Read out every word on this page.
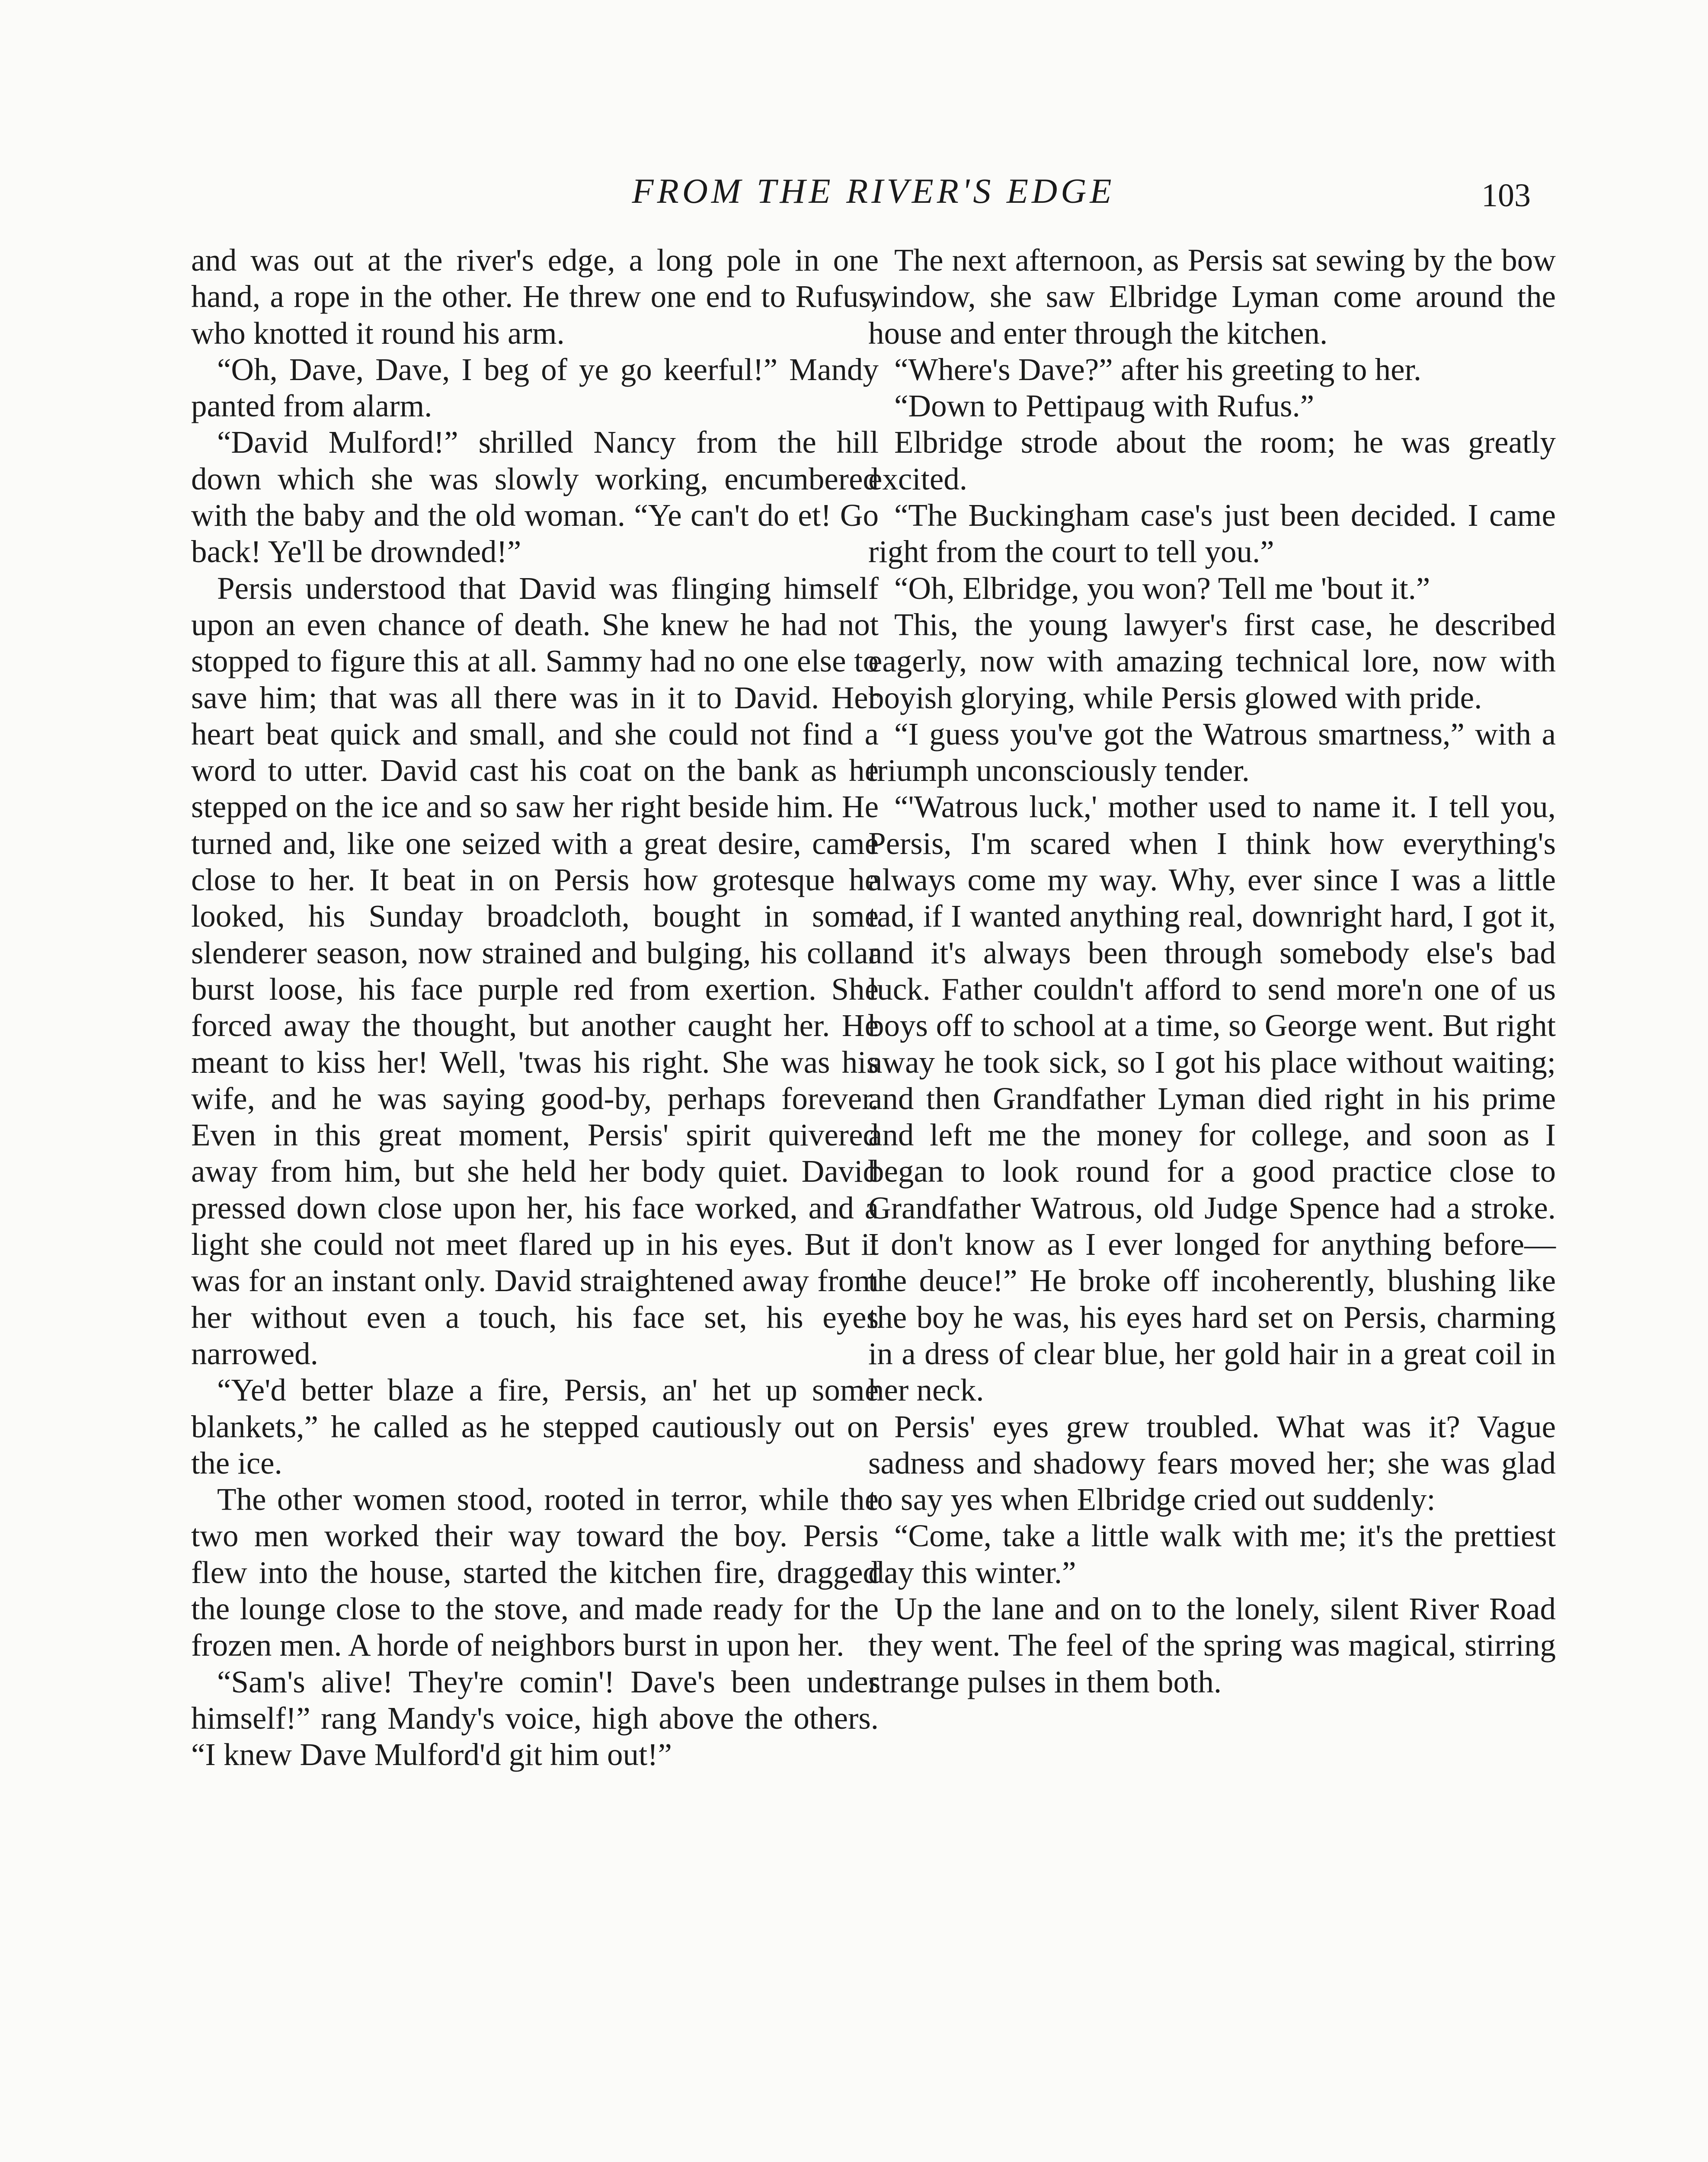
FROM THE RIVER'S EDGE	103

and was out at the river's edge, a long pole in one hand, a rope in the other. He threw one end to Rufus, who knotted it round his arm.

“Oh, Dave, Dave, I beg of ye go keerful!” Mandy panted from alarm.

“David Mulford!” shrilled Nancy from the hill down which she was slowly working, encumbered with the baby and the old woman. “Ye can't do et! Go back! Ye'll be drownded!”

Persis understood that David was flinging himself upon an even chance of death. She knew he had not stopped to figure this at all. Sammy had no one else to save him; that was all there was in it to David. Her heart beat quick and small, and she could not find a word to utter. David cast his coat on the bank as he stepped on the ice and so saw her right beside him. He turned and, like one seized with a great desire, came close to her. It beat in on Persis how grotesque he looked, his Sunday broadcloth, bought in some slenderer season, now strained and bulging, his collar burst loose, his face purple red from exertion. She forced away the thought, but another caught her. He meant to kiss her! Well, 'twas his right. She was his wife, and he was saying good-by, perhaps forever. Even in this great moment, Persis' spirit quivered away from him, but she held her body quiet. David pressed down close upon her, his face worked, and a light she could not meet flared up in his eyes. But it was for an instant only. David straightened away from her without even a touch, his face set, his eyes narrowed.

“Ye'd better blaze a fire, Persis, an' het up some blankets,” he called as he stepped cautiously out on the ice.

The other women stood, rooted in terror, while the two men worked their way toward the boy. Persis flew into the house, started the kitchen fire, dragged the lounge close to the stove, and made ready for the frozen men. A horde of neighbors burst in upon her.

“Sam's alive! They're comin'! Dave's been under himself!” rang Mandy's voice, high above the others. “I knew Dave Mulford'd git him out!”

The next afternoon, as Persis sat sewing by the bow window, she saw Elbridge Lyman come around the house and enter through the kitchen.

“Where's Dave?” after his greeting to her.

“Down to Pettipaug with Rufus.”

Elbridge strode about the room; he was greatly excited.

“The Buckingham case's just been decided. I came right from the court to tell you.”

“Oh, Elbridge, you won? Tell me 'bout it.”

This, the young lawyer's first case, he described eagerly, now with amazing technical lore, now with boyish glorying, while Persis glowed with pride.

“I guess you've got the Watrous smartness,” with a triumph unconsciously tender.

“'Watrous luck,' mother used to name it. I tell you, Persis, I'm scared when I think how everything's always come my way. Why, ever since I was a little tad, if I wanted anything real, downright hard, I got it, and it's always been through somebody else's bad luck. Father couldn't afford to send more'n one of us boys off to school at a time, so George went. But right away he took sick, so I got his place without waiting; and then Grandfather Lyman died right in his prime and left me the money for college, and soon as I began to look round for a good practice close to Grandfather Watrous, old Judge Spence had a stroke. I don't know as I ever longed for anything before—the deuce!” He broke off incoherently, blushing like the boy he was, his eyes hard set on Persis, charming in a dress of clear blue, her gold hair in a great coil in her neck.

Persis' eyes grew troubled. What was it? Vague sadness and shadowy fears moved her; she was glad to say yes when Elbridge cried out suddenly:

“Come, take a little walk with me; it's the prettiest day this winter.”

Up the lane and on to the lonely, silent River Road they went. The feel of the spring was magical, stirring strange pulses in them both.
